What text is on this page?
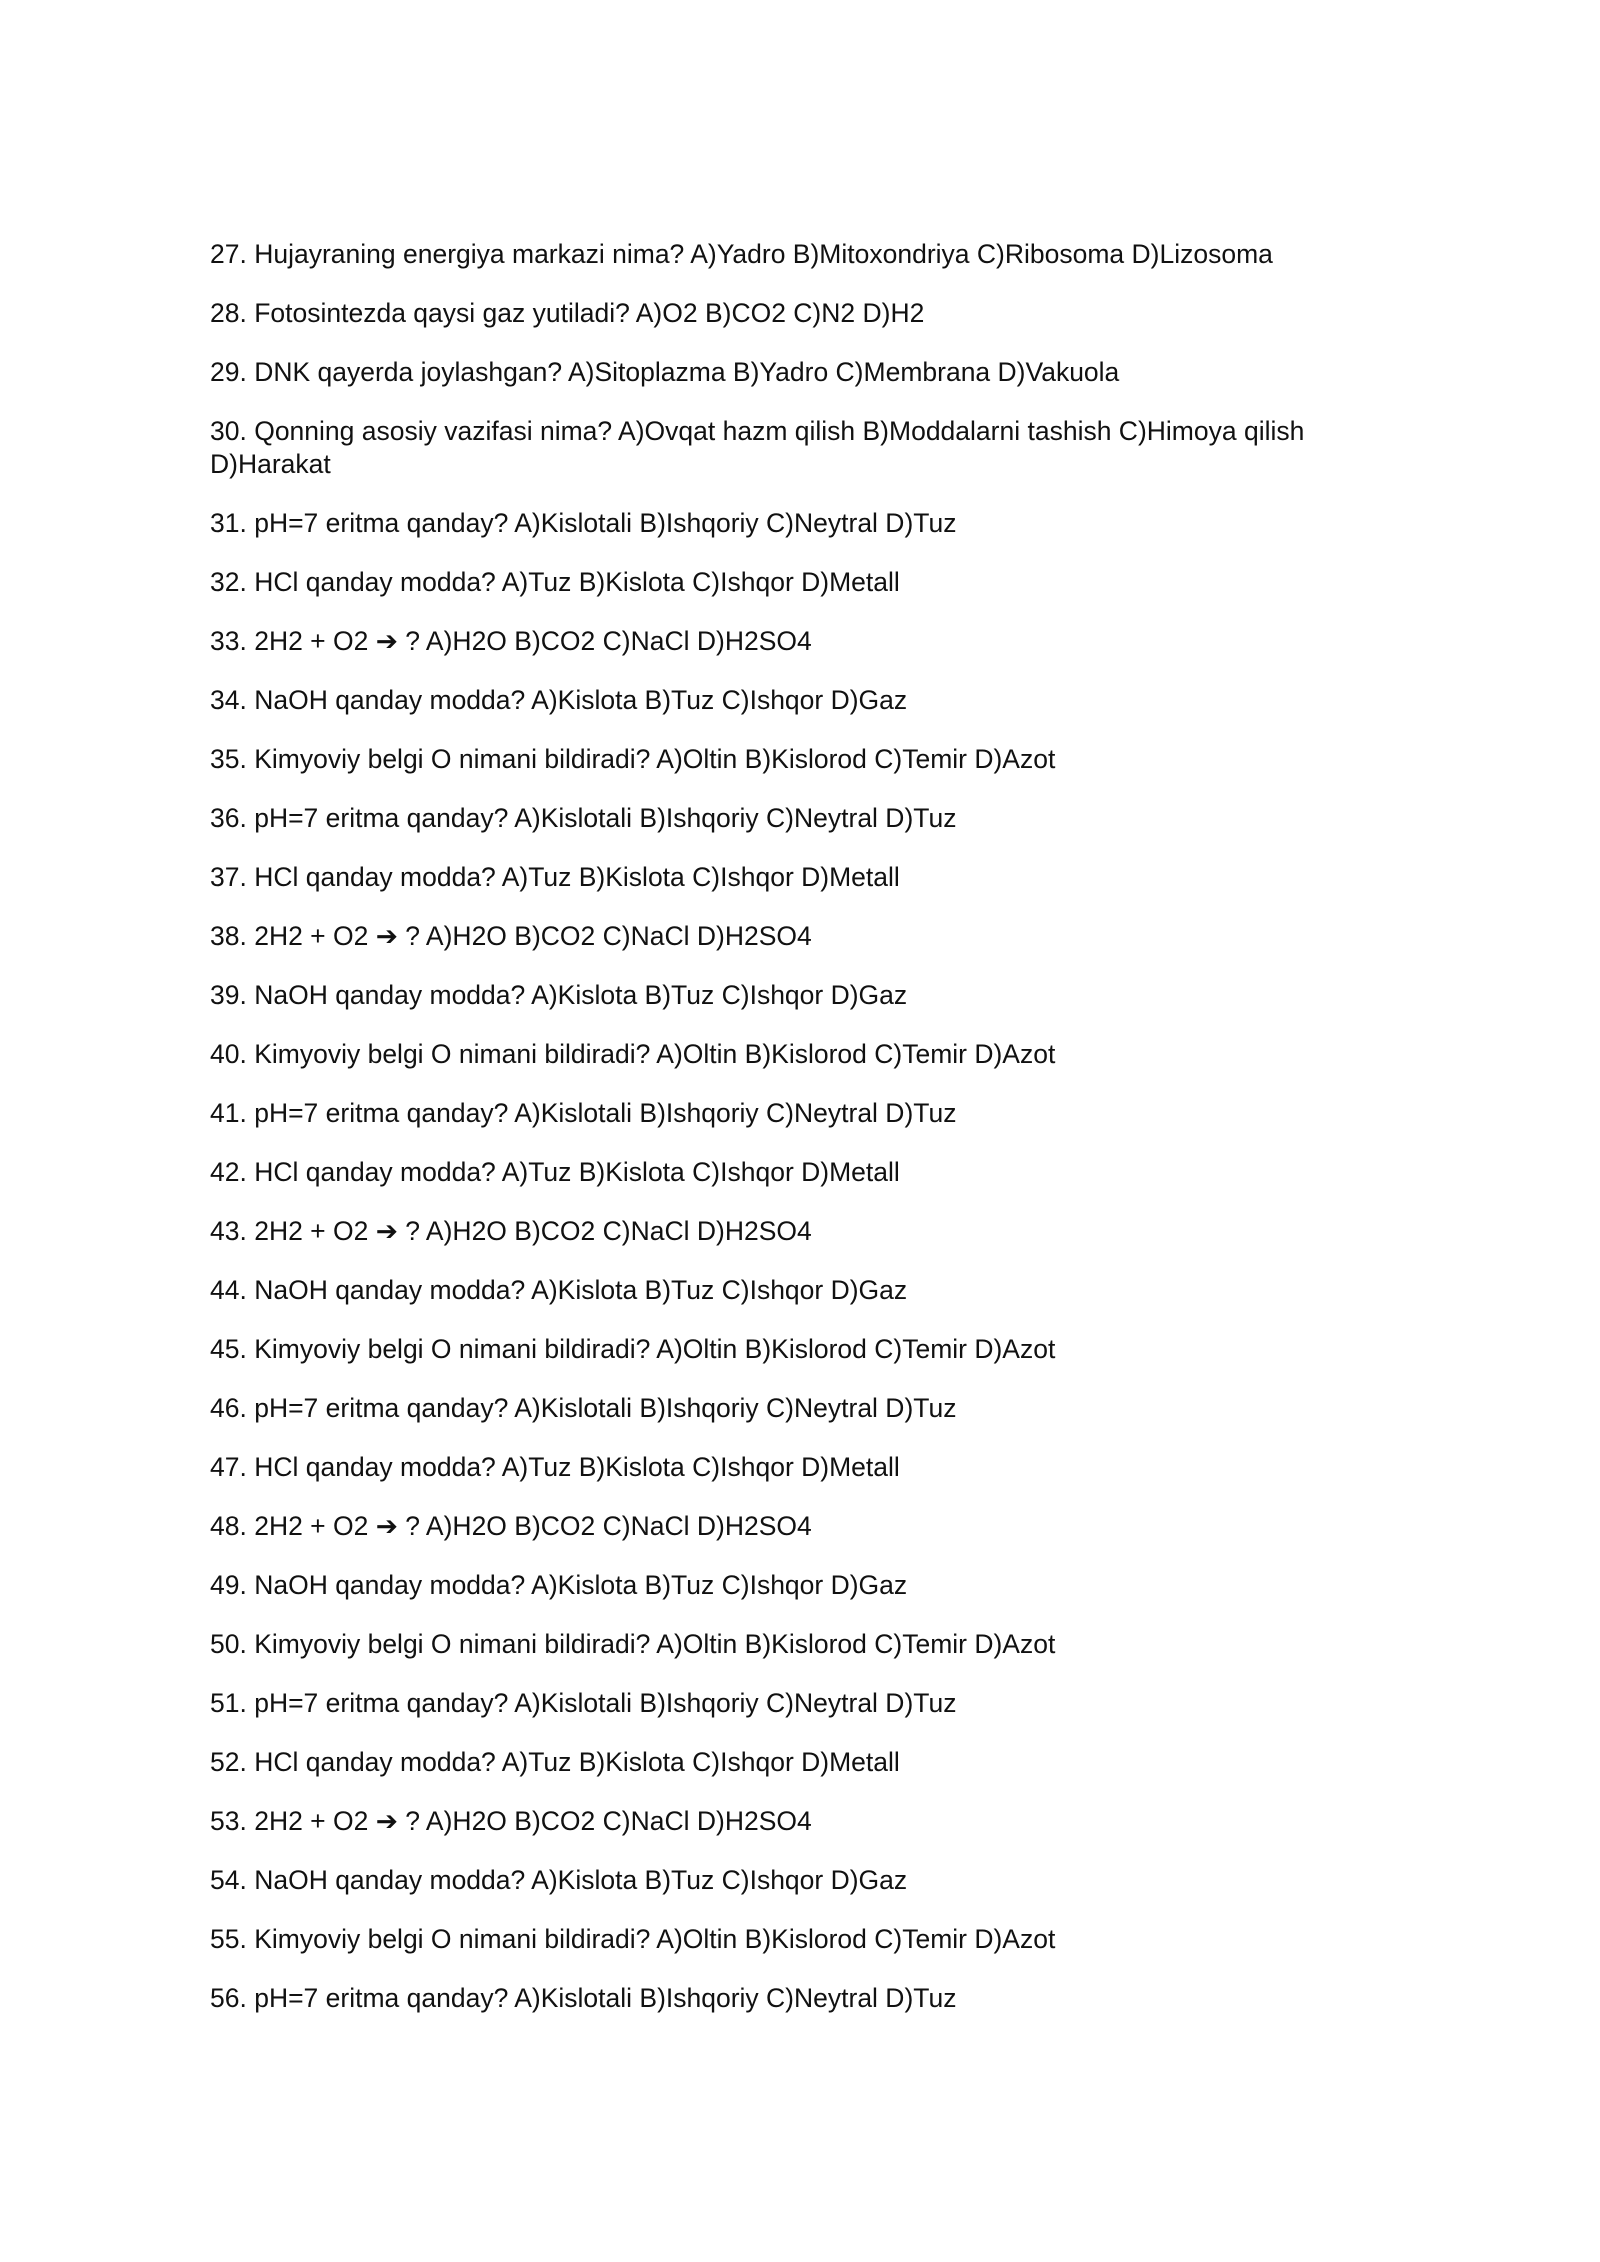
27. Hujayraning energiya markazi nima? A)Yadro B)Mitoxondriya C)Ribosoma D)Lizosoma

28. Fotosintezda qaysi gaz yutiladi? A)O2 B)CO2 C)N2 D)H2

29. DNK qayerda joylashgan? A)Sitoplazma B)Yadro C)Membrana D)Vakuola

30. Qonning asosiy vazifasi nima? A)Ovqat hazm qilish B)Moddalarni tashish C)Himoya qilish D)Harakat

31. pH=7 eritma qanday? A)Kislotali B)Ishqoriy C)Neytral D)Tuz

32. HCl qanday modda? A)Tuz B)Kislota C)Ishqor D)Metall

33. 2H2 + O2 ➔ ? A)H2O B)CO2 C)NaCl D)H2SO4

34. NaOH qanday modda? A)Kislota B)Tuz C)Ishqor D)Gaz

35. Kimyoviy belgi O nimani bildiradi? A)Oltin B)Kislorod C)Temir D)Azot

36. pH=7 eritma qanday? A)Kislotali B)Ishqoriy C)Neytral D)Tuz

37. HCl qanday modda? A)Tuz B)Kislota C)Ishqor D)Metall

38. 2H2 + O2 ➔ ? A)H2O B)CO2 C)NaCl D)H2SO4

39. NaOH qanday modda? A)Kislota B)Tuz C)Ishqor D)Gaz

40. Kimyoviy belgi O nimani bildiradi? A)Oltin B)Kislorod C)Temir D)Azot

41. pH=7 eritma qanday? A)Kislotali B)Ishqoriy C)Neytral D)Tuz

42. HCl qanday modda? A)Tuz B)Kislota C)Ishqor D)Metall

43. 2H2 + O2 ➔ ? A)H2O B)CO2 C)NaCl D)H2SO4

44. NaOH qanday modda? A)Kislota B)Tuz C)Ishqor D)Gaz

45. Kimyoviy belgi O nimani bildiradi? A)Oltin B)Kislorod C)Temir D)Azot

46. pH=7 eritma qanday? A)Kislotali B)Ishqoriy C)Neytral D)Tuz

47. HCl qanday modda? A)Tuz B)Kislota C)Ishqor D)Metall

48. 2H2 + O2 ➔ ? A)H2O B)CO2 C)NaCl D)H2SO4

49. NaOH qanday modda? A)Kislota B)Tuz C)Ishqor D)Gaz

50. Kimyoviy belgi O nimani bildiradi? A)Oltin B)Kislorod C)Temir D)Azot

51. pH=7 eritma qanday? A)Kislotali B)Ishqoriy C)Neytral D)Tuz

52. HCl qanday modda? A)Tuz B)Kislota C)Ishqor D)Metall

53. 2H2 + O2 ➔ ? A)H2O B)CO2 C)NaCl D)H2SO4

54. NaOH qanday modda? A)Kislota B)Tuz C)Ishqor D)Gaz

55. Kimyoviy belgi O nimani bildiradi? A)Oltin B)Kislorod C)Temir D)Azot

56. pH=7 eritma qanday? A)Kislotali B)Ishqoriy C)Neytral D)Tuz
